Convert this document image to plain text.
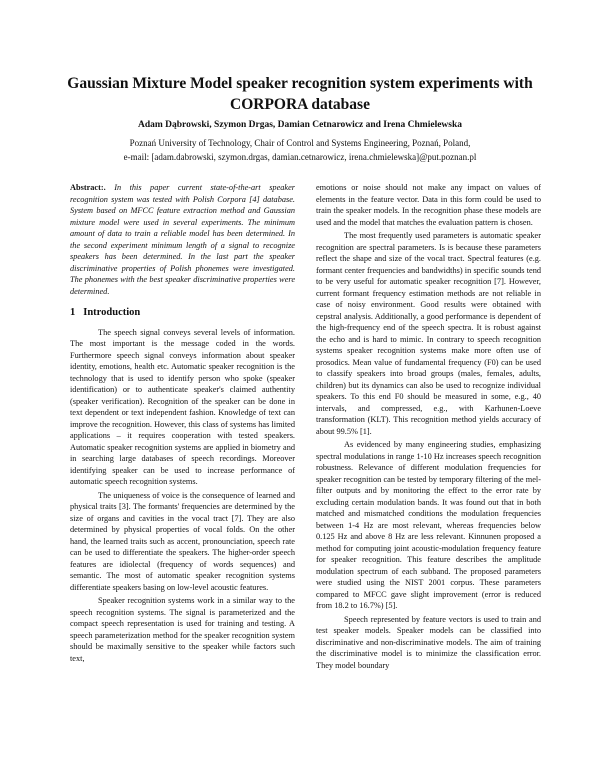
Gaussian Mixture Model speaker recognition system experiments with CORPORA database
Adam Dąbrowski, Szymon Drgas, Damian Cetnarowicz and Irena Chmielewska
Poznań University of Technology, Chair of Control and Systems Engineering, Poznań, Poland,
e-mail: [adam.dabrowski, szymon.drgas, damian.cetnarowicz, irena.chmielewska]@put.poznan.pl
Abstract:. In this paper current state-of-the-art speaker recognition system was tested with Polish Corpora [4] database. System based on MFCC feature extraction method and Gaussian mixture model were used in several experiments. The minimum amount of data to train a reliable model has been determined. In the second experiment minimum length of a signal to recognize speakers has been determined. In the last part the speaker discriminative properties of Polish phonemes were investigated. The phonemes with the best speaker discriminative properties were determined.
1 Introduction

The speech signal conveys several levels of information. The most important is the message coded in the words. Furthermore speech signal conveys information about speaker identity, emotions, health etc. Automatic speaker recognition is the technology that is used to identify person who spoke (speaker identification) or to authenticate speaker's claimed authentity (speaker verification). Recognition of the speaker can be done in text dependent or text independent fashion. Knowledge of text can improve the recognition. However, this class of systems has limited applications – it requires cooperation with tested speakers. Automatic speaker recognition systems are applied in biometry and in searching large databases of speech recordings. Moreover identifying speaker can be used to increase performance of automatic speech recognition systems.

The uniqueness of voice is the consequence of learned and physical traits [3]. The formants' frequencies are determined by the size of organs and cavities in the vocal tract [7]. They are also determined by physical properties of vocal folds. On the other hand, the learned traits such as accent, pronounciation, speech rate can be used to differentiate the speakers. The higher-order speech features are idiolectal (frequency of words sequences) and semantic. The most of automatic speaker recognition systems differentiate speakers basing on low-level acoustic features.

Speaker recognition systems work in a similar way to the speech recognition systems. The signal is parameterized and the compact speech representation is used for training and testing. A speech parameterization method for the speaker recognition system should be maximally sensitive to the speaker while factors such text,

emotions or noise should not make any impact on values of elements in the feature vector. Data in this form could be used to train the speaker models. In the recognition phase these models are used and the model that matches the evaluation pattern is chosen.

The most frequently used parameters is automatic speaker recognition are spectral parameters. Is is because these parameters reflect the shape and size of the vocal tract. Spectral features (e.g. formant center frequencies and bandwidths) in specific sounds tend to be very useful for automatic speaker recognition [7]. However, current formant frequency estimation methods are not reliable in case of noisy environment. Good results were obtained with cepstral analysis. Additionally, a good performance is dependent of the high-frequency end of the speech spectra. It is robust against the echo and is hard to mimic. In contrary to speech recognition systems speaker recognition systems make more often use of prosodics. Mean value of fundamental frequency (F0) can be used to classify speakers into broad groups (males, females, adults, children) but its dynamics can also be used to recognize individual speakers. To this end F0 should be measured in some, e.g., 40 intervals, and compressed, e.g., with Karhunen-Loeve transformation (KLT). This recognition method yields accuracy of about 99.5% [1].

As evidenced by many engineering studies, emphasizing spectral modulations in range 1-10 Hz increases speech recognition robustness. Relevance of different modulation frequencies for speaker recognition can be tested by temporary filtering of the mel-filter outputs and by monitoring the effect to the error rate by excluding certain modulation bands. It was found out that in both matched and mismatched conditions the modulation frequencies between 1-4 Hz are most relevant, whereas frequencies below 0.125 Hz and above 8 Hz are less relevant. Kinnunen proposed a method for computing joint acoustic-modulation frequency feature for speaker recognition. This feature describes the amplitude modulation spectrum of each subband. The proposed parameters were studied using the NIST 2001 corpus. These parameters compared to MFCC gave slight improvement (error is reduced from 18.2 to 16.7%) [5].

Speech represented by feature vectors is used to train and test speaker models. Speaker models can be classified into discriminative and non-discriminative models. The aim of training the discriminative model is to minimize the classification error. They model boundary
